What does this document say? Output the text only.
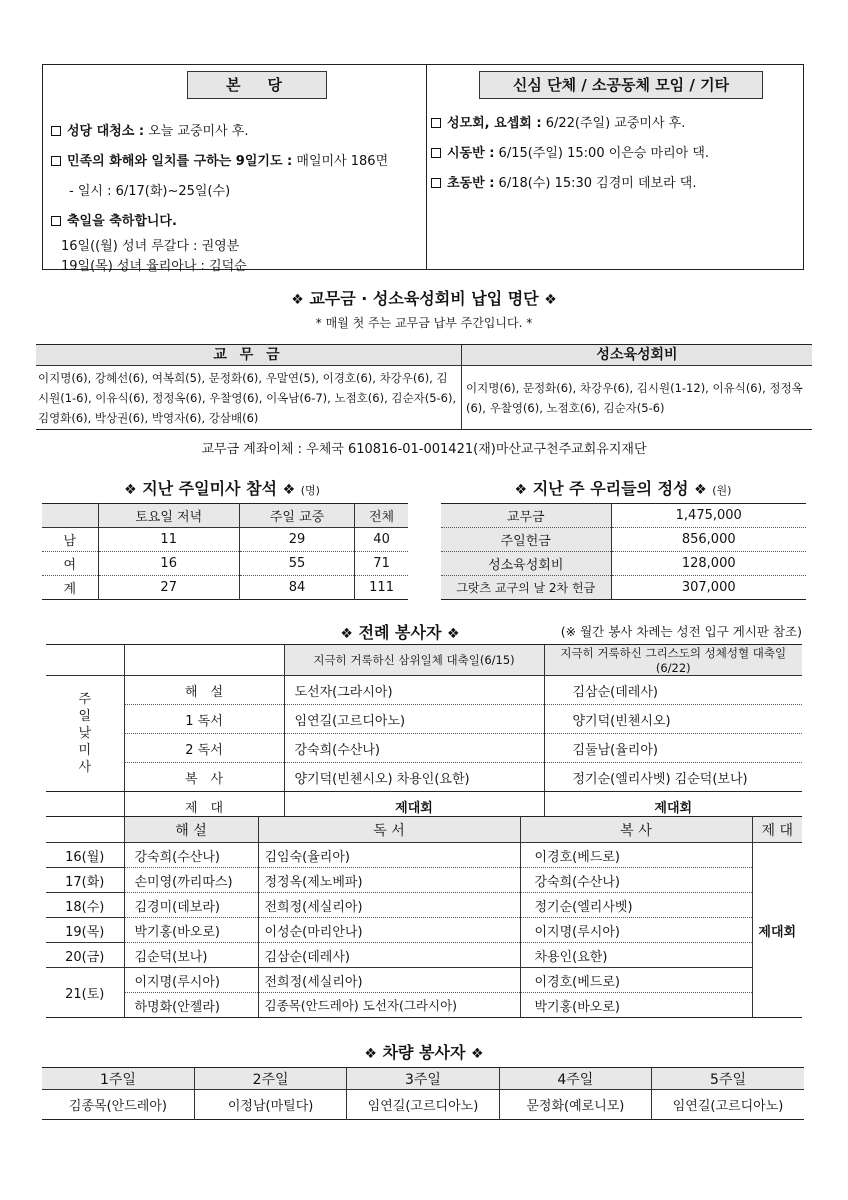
본　당	신심 단체 / 소공동체 모임 / 기타
성당 대청소 : 오늘 교중미사 후.
민족의 화해와 일치를 구하는 9일기도 : 매일미사 186면
- 일시 : 6/17(화)~25일(수)
축일을 축하합니다.
16일((월) 성녀 루갈다 : 권영분
19일(목) 성녀 율리아나 : 김덕순
성모회, 요셉회 : 6/22(주일) 교중미사 후.
시동반 : 6/15(주일) 15:00 이은승 마리아 댁.
초동반 : 6/18(수) 15:30 김경미 데보라 댁.
❖ 교무금 · 성소육성회비 납입 명단 ❖
* 매월 첫 주는 교무금 납부 주간입니다. *
교 무 금	성소육성회비
이지명(6), 강혜선(6), 여복희(5), 문정화(6), 우말연(5), 이경호(6), 차강우(6), 김시원(1-6), 이유식(6), 정정옥(6), 우찰영(6), 이옥남(6-7), 노점호(6), 김순자(5-6), 김영화(6), 박상권(6), 박영자(6), 강삼배(6)
이지명(6), 문정화(6), 차강우(6), 김시원(1-12), 이유식(6), 정정옥(6), 우찰영(6), 노점호(6), 김순자(5-6)
교무금 계좌이체 : 우체국 610816-01-001421(재)마산교구천주교회유지재단
❖ 지난 주일미사 참석 ❖ (명)
	토요일 저녁	주일 교중	전체
남	11	29	40
여	16	55	71
계	27	84	111
❖ 지난 주 우리들의 정성 ❖ (원)
교무금	1,475,000
주일헌금	856,000
성소육성회비	128,000
그랏츠 교구의 날 2차 헌금	307,000
❖ 전례 봉사자 ❖	(※ 월간 봉사 차례는 성전 입구 게시판 참조)
		지극히 거룩하신 삼위일체 대축일(6/15)	지극히 거룩하신 그리스도의 성체성혈 대축일(6/22)

주일낮미사	해　설	도선자(그라시아)	김삼순(데레사)
	1 독서	임연길(고르디아노)	양기덕(빈첸시오)
	2 독서	강숙희(수산나)	김둘남(율리아)
	복　사	양기덕(빈첸시오) 차용인(요한)	정기순(엘리사벳) 김순덕(보나)
	제　대	제대회	제대회
	해 설	독 서	복 사	제 대
16(월)	강숙희(수산나)	김임숙(율리아)	이경호(베드로)	제대회
17(화)	손미영(까리따스)	정정옥(제노베파)	강숙희(수산나)	
18(수)	김경미(데보라)	전희정(세실리아)	정기순(엘리사벳)	
19(목)	박기홍(바오로)	이성순(마리안나)	이지명(루시아)	
20(금)	김순덕(보나)	김삼순(데레사)	차용인(요한)	
21(토)	이지명(루시아)	전희정(세실리아)	이경호(베드로)	
	하명화(안젤라)	김종목(안드레아) 도선자(그라시아)	박기홍(바오로)	
❖ 차량 봉사자 ❖
1주일	2주일	3주일	4주일	5주일
김종목(안드레아)	이정남(마틸다)	임연길(고르디아노)	문정화(예로니모)	임연길(고르디아노)
